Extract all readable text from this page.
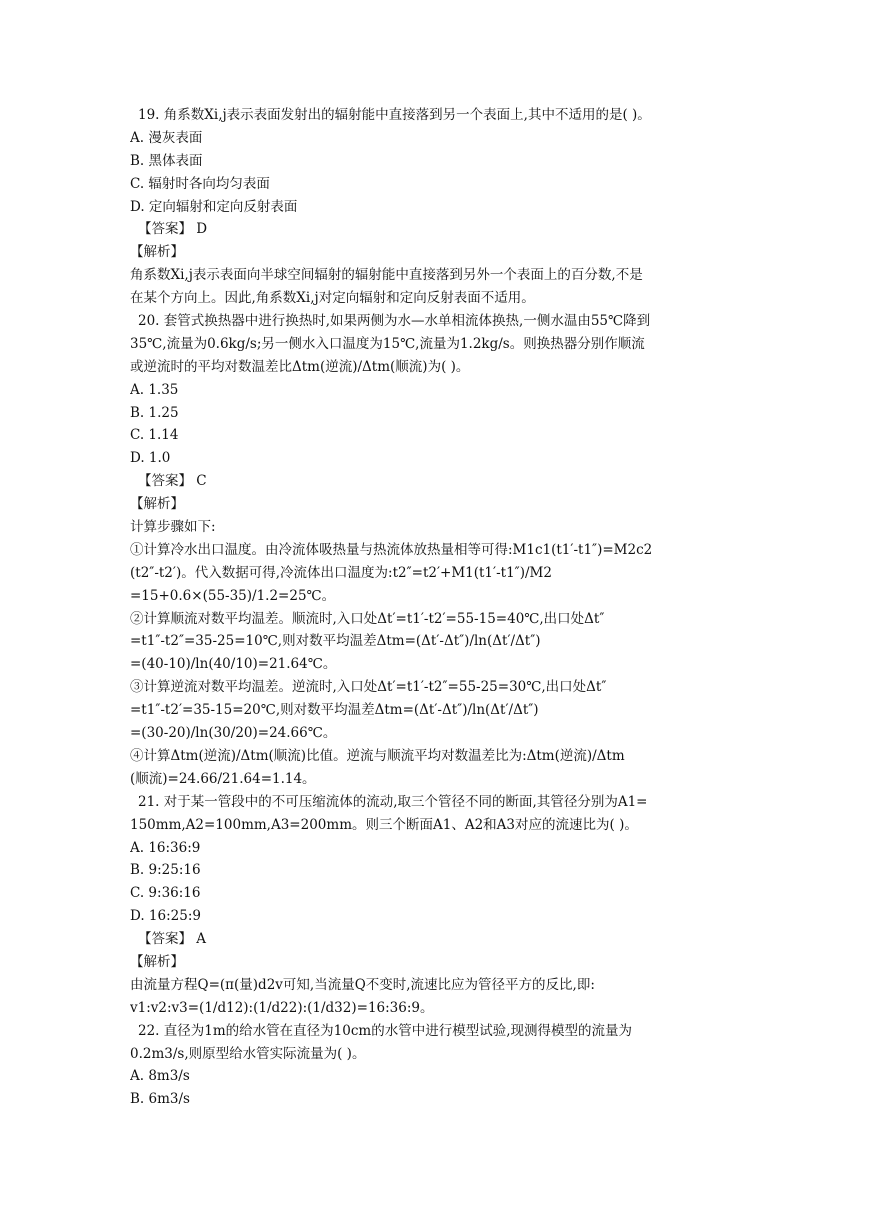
19. 角系数Xi,j表示表面发射出的辐射能中直接落到另一个表面上,其中不适用的是( )。
A. 漫灰表面
B. 黑体表面
C. 辐射时各向均匀表面
D. 定向辐射和定向反射表面
【答案】 D
【解析】
角系数Xi,j表示表面向半球空间辐射的辐射能中直接落到另外一个表面上的百分数,不是
在某个方向上。因此,角系数Xi,j对定向辐射和定向反射表面不适用。
20. 套管式换热器中进行换热时,如果两侧为水—水单相流体换热,一侧水温由55℃降到
35℃,流量为0.6kg/s;另一侧水入口温度为15℃,流量为1.2kg/s。则换热器分别作顺流
或逆流时的平均对数温差比Δtm(逆流)/Δtm(顺流)为( )。
A. 1.35
B. 1.25
C. 1.14
D. 1.0
【答案】 C
【解析】
计算步骤如下:
①计算冷水出口温度。由冷流体吸热量与热流体放热量相等可得:M1c1(t1′-t1″)=M2c2
(t2″-t2′)。代入数据可得,冷流体出口温度为:t2″=t2′+M1(t1′-t1″)/M2
=15+0.6×(55-35)/1.2=25℃。
②计算顺流对数平均温差。顺流时,入口处Δt′=t1′-t2′=55-15=40℃,出口处Δt″
=t1″-t2″=35-25=10℃,则对数平均温差Δtm=(Δt′-Δt″)/ln(Δt′/Δt″)
=(40-10)/ln(40/10)=21.64℃。
③计算逆流对数平均温差。逆流时,入口处Δt′=t1′-t2″=55-25=30℃,出口处Δt″
=t1″-t2′=35-15=20℃,则对数平均温差Δtm=(Δt′-Δt″)/ln(Δt′/Δt″)
=(30-20)/ln(30/20)=24.66℃。
④计算Δtm(逆流)/Δtm(顺流)比值。逆流与顺流平均对数温差比为:Δtm(逆流)/Δtm
(顺流)=24.66/21.64=1.14。
21. 对于某一管段中的不可压缩流体的流动,取三个管径不同的断面,其管径分别为A1=
150mm,A2=100mm,A3=200mm。则三个断面A1、A2和A3对应的流速比为( )。
A. 16:36:9
B. 9:25:16
C. 9:36:16
D. 16:25:9
【答案】 A
【解析】
由流量方程Q=(π(量)d2v可知,当流量Q不变时,流速比应为管径平方的反比,即:
v1:v2:v3=(1/d12):(1/d22):(1/d32)=16:36:9。
22. 直径为1m的给水管在直径为10cm的水管中进行模型试验,现测得模型的流量为
0.2m3/s,则原型给水管实际流量为( )。
A. 8m3/s
B. 6m3/s
